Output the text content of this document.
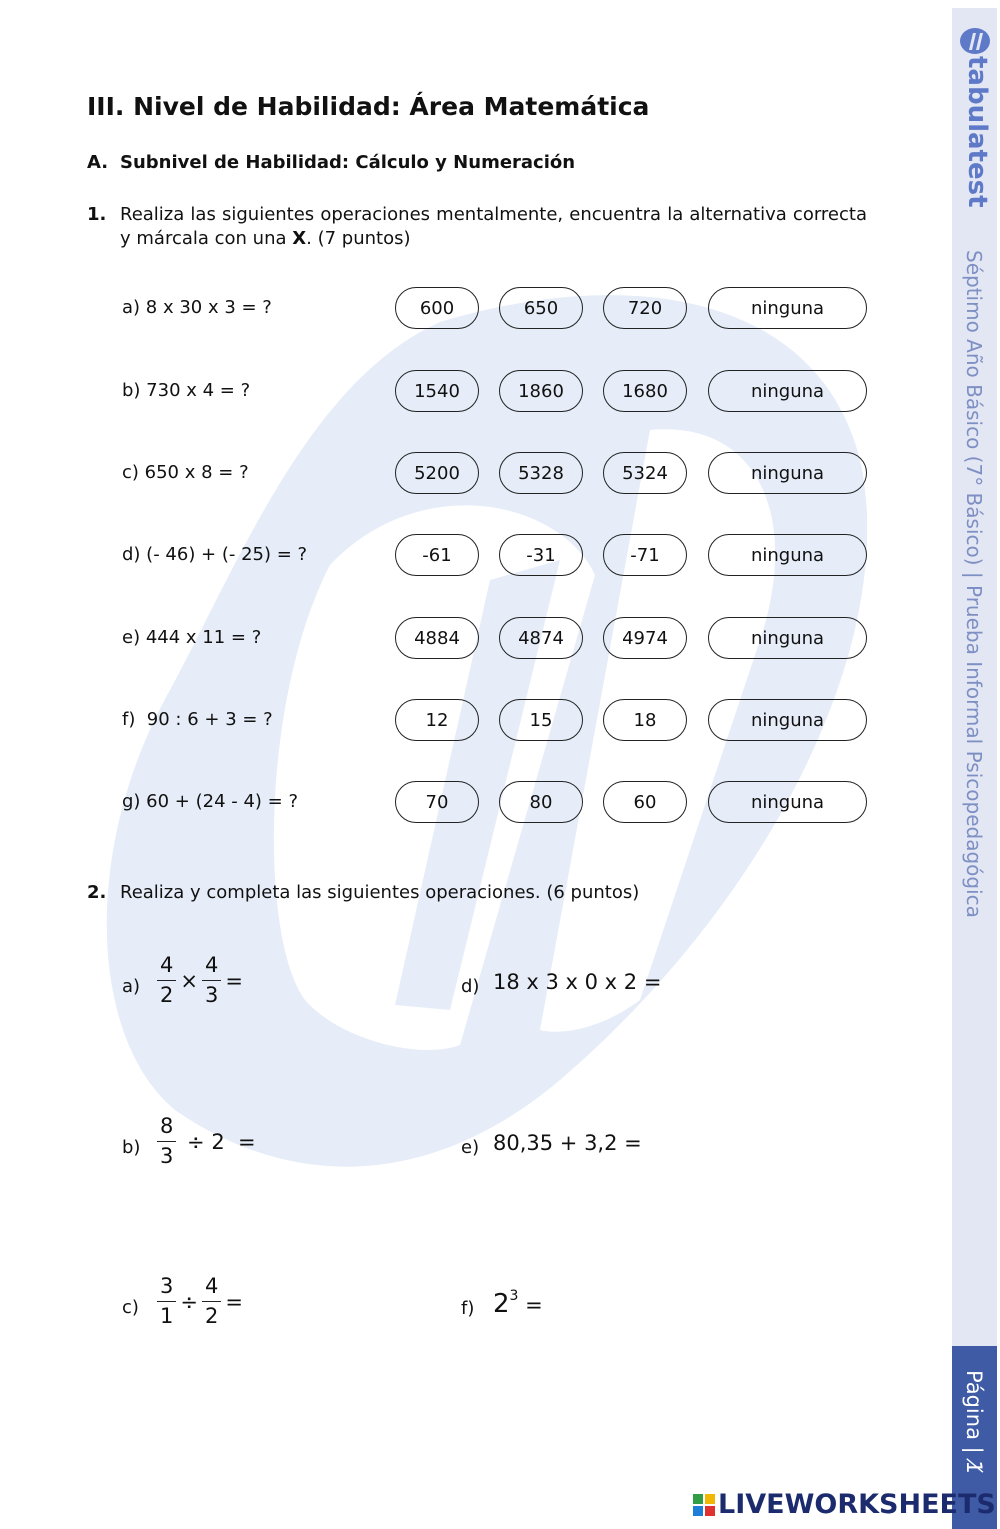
III. Nivel de Habilidad: Área Matemática
A. Subnivel de Habilidad: Cálculo y Numeración
1. Realiza las siguientes operaciones mentalmente, encuentra la alternativa correcta y márcala con una X. (7 puntos)
a) 8 x 30 x 3 = ?	600	650	720	ninguna
b) 730 x 4 = ?	1540	1860	1680	ninguna
c) 650 x 8 = ?	5200	5328	5324	ninguna
d) (- 46) + (- 25) = ?	-61	-31	-71	ninguna
e) 444 x 11 = ?	4884	4874	4974	ninguna
f)  90 : 6 + 3 = ?	12	15	18	ninguna
g) 60 + (24 - 4) = ?	70	80	60	ninguna
2. Realiza y completa las siguientes operaciones. (6 puntos)
$a) \frac{4}{2} \times \frac{4}{3}$ =
$b) \frac{8}{3} \div 2$  =
$c) \frac{3}{1} \div \frac{4}{2}$ =
d) 18 x 3 x 0 x 2 =
e) 80,35 + 3,2 =
f) $2^3$ =
tabulatest
Séptimo Año Básico (7° Básico) | Prueba Informal Psicopedagógica
Página | 1̸
LIVEWORKSHEETS
